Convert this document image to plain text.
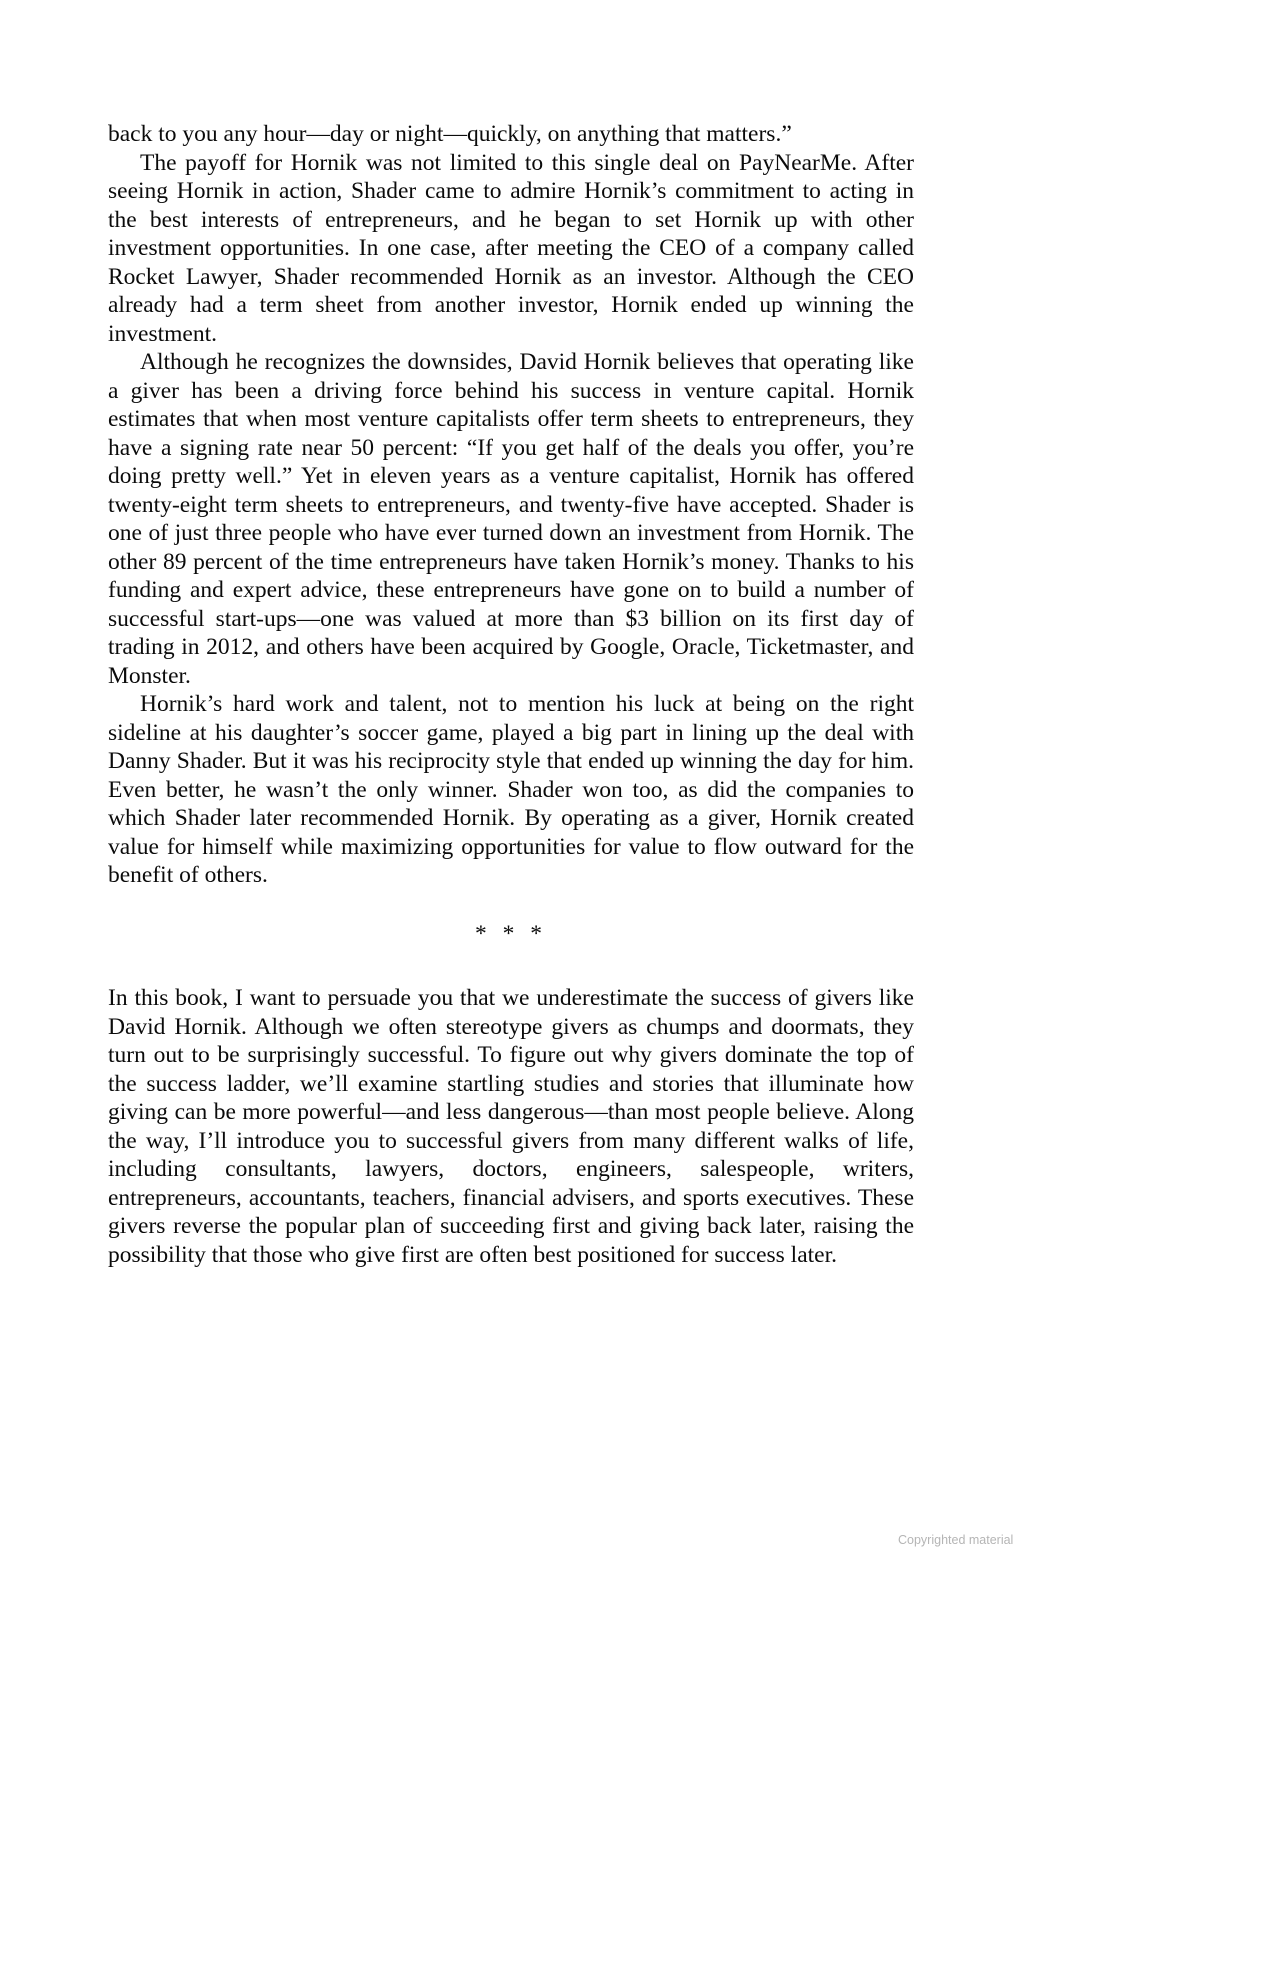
back to you any hour—day or night—quickly, on anything that matters.”

The payoff for Hornik was not limited to this single deal on PayNearMe. After seeing Hornik in action, Shader came to admire Hornik’s commitment to acting in the best interests of entrepreneurs, and he began to set Hornik up with other investment opportunities. In one case, after meeting the CEO of a company called Rocket Lawyer, Shader recommended Hornik as an investor. Although the CEO already had a term sheet from another investor, Hornik ended up winning the investment.

Although he recognizes the downsides, David Hornik believes that operating like a giver has been a driving force behind his success in venture capital. Hornik estimates that when most venture capitalists offer term sheets to entrepreneurs, they have a signing rate near 50 percent: “If you get half of the deals you offer, you’re doing pretty well.” Yet in eleven years as a venture capitalist, Hornik has offered twenty-eight term sheets to entrepreneurs, and twenty-five have accepted. Shader is one of just three people who have ever turned down an investment from Hornik. The other 89 percent of the time entrepreneurs have taken Hornik’s money. Thanks to his funding and expert advice, these entrepreneurs have gone on to build a number of successful start-ups—one was valued at more than $3 billion on its first day of trading in 2012, and others have been acquired by Google, Oracle, Ticketmaster, and Monster.

Hornik’s hard work and talent, not to mention his luck at being on the right sideline at his daughter’s soccer game, played a big part in lining up the deal with Danny Shader. But it was his reciprocity style that ended up winning the day for him. Even better, he wasn’t the only winner. Shader won too, as did the companies to which Shader later recommended Hornik. By operating as a giver, Hornik created value for himself while maximizing opportunities for value to flow outward for the benefit of others.

* * *

In this book, I want to persuade you that we underestimate the success of givers like David Hornik. Although we often stereotype givers as chumps and doormats, they turn out to be surprisingly successful. To figure out why givers dominate the top of the success ladder, we’ll examine startling studies and stories that illuminate how giving can be more powerful—and less dangerous—than most people believe. Along the way, I’ll introduce you to successful givers from many different walks of life, including consultants, lawyers, doctors, engineers, salespeople, writers, entrepreneurs, accountants, teachers, financial advisers, and sports executives. These givers reverse the popular plan of succeeding first and giving back later, raising the possibility that those who give first are often best positioned for success later.

Copyrighted material
